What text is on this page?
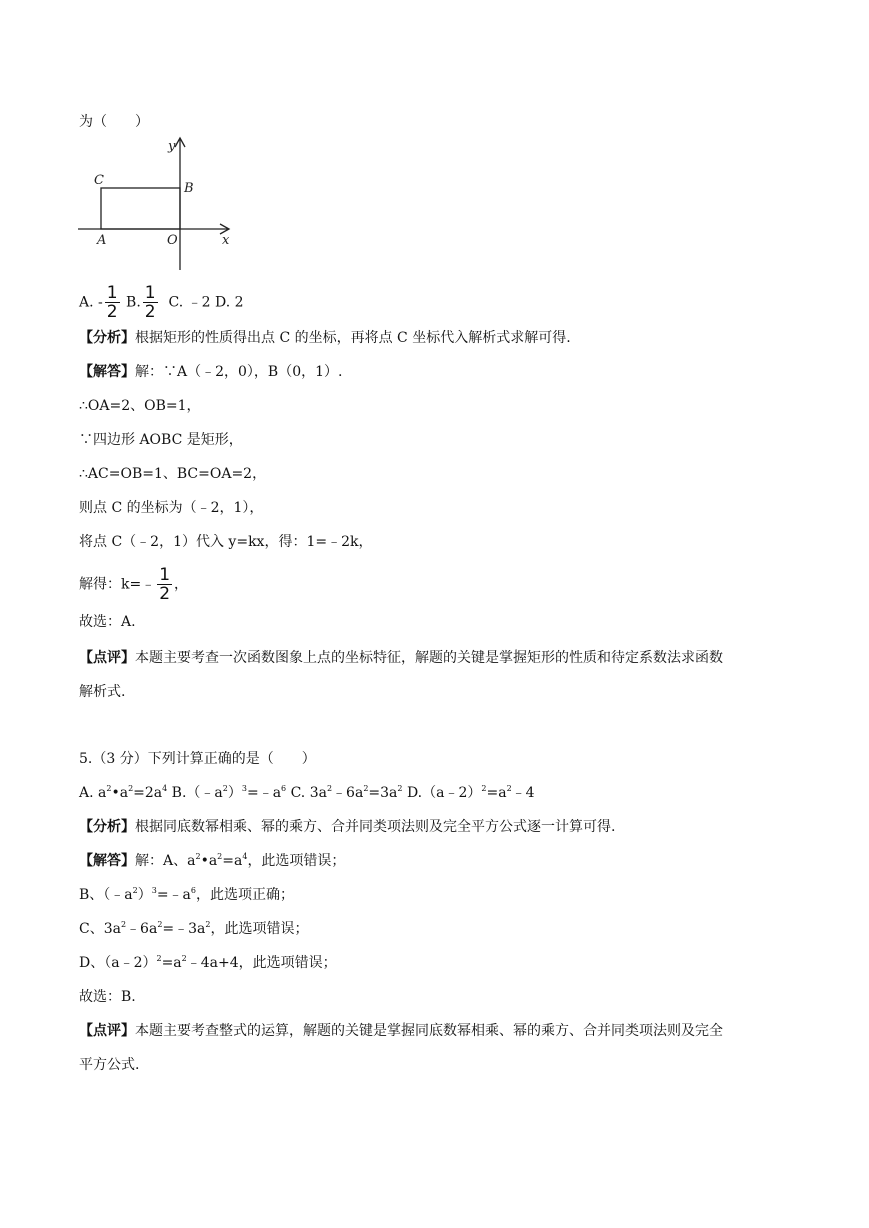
为（　　）
y
C
B
A	O	x
A. - $\frac{1}{2} B$. $\frac{1}{2} C$. ﹣2 D. 2
【分析】根据矩形的性质得出点 C 的坐标，再将点 C 坐标代入解析式求解可得.
【解答】解：∵A（﹣2，0），B（0，1）.
∴OA=2、OB=1，
∵四边形 AOBC 是矩形，
∴AC=OB=1、BC=OA=2，
则点 C 的坐标为（﹣2，1），
将点 C（﹣2，1）代入 y=kx，得：1=﹣2k，
解得：k=﹣ $\frac{1}{2}$ ，
故选：A.
【点评】本题主要考查一次函数图象上点的坐标特征，解题的关键是掌握矩形的性质和待定系数法求函数
解析式.
5.（3 分）下列计算正确的是（　　）
A. $a^2•a^2=2a^4$ $B.(﹣a^2)^3=﹣a^6$ C. $3a^2﹣6a^2=3a^2$ $D.(a﹣2)^2=a^2﹣4$
【分析】根据同底数幂相乘、幂的乘方、合并同类项法则及完全平方公式逐一计算可得.
【解答】解：A、$a^2•a^2=a^4$，此选项错误；
B、$(﹣a^2)^3=﹣a^6$，此选项正确；
C、$3a^2﹣6a^2=﹣3a^2$，此选项错误；
D、$(a﹣2)^2=a^2﹣4a+4$，此选项错误；
故选：B.
【点评】本题主要考查整式的运算，解题的关键是掌握同底数幂相乘、幂的乘方、合并同类项法则及完全
平方公式.
